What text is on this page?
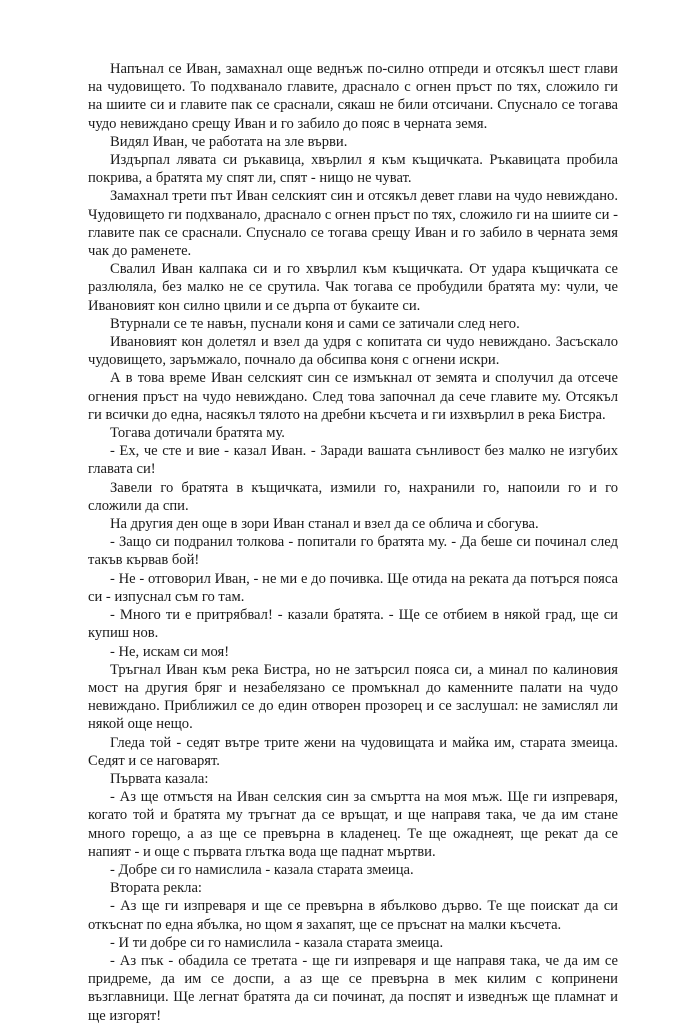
Напънал се Иван, замахнал още веднъж по-силно отпреди и отсякъл шест глави на чудовището. То подхванало главите, драснало с огнен пръст по тях, сложило ги на шиите си и главите пак се сраснали, сякаш не били отсичани. Спуснало се тогава чудо невиждано срещу Иван и го забило до пояс в черната земя.

Видял Иван, че работата на зле върви.

Издърпал лявата си ръкавица, хвърлил я към къщичката. Ръкавицата пробила покрива, а братята му спят ли, спят - нищо не чуват.

Замахнал трети път Иван селският син и отсякъл девет глави на чудо невиждано. Чудовището ги подхванало, драснало с огнен пръст по тях, сложило ги на шиите си - главите пак се сраснали. Спуснало се тогава срещу Иван и го забило в черната земя чак до раменете.

Свалил Иван калпака си и го хвърлил към къщичката. От удара къщичката се разлюляла, без малко не се срутила. Чак тогава се пробудили братята му: чули, че Ивановият кон силно цвили и се дърпа от букаите си.

Втурнали се те навън, пуснали коня и сами се затичали след него.

Ивановият кон долетял и взел да удря с копитата си чудо невиждано. Засъскало чудовището, заръмжало, почнало да обсипва коня с огнени искри.

А в това време Иван селският син се измъкнал от земята и сполучил да отсече огнения пръст на чудо невиждано. След това започнал да сече главите му. Отсякъл ги всички до една, насякъл тялото на дребни късчета и ги изхвърлил в река Бистра.

Тогава дотичали братята му.

- Ех, че сте и вие - казал Иван. - Заради вашата сънливост без малко не изгубих главата си!

Завели го братята в къщичката, измили го, нахранили го, напоили го и го сложили да спи.

На другия ден още в зори Иван станал и взел да се облича и сбогува.

- Защо си подранил толкова - попитали го братята му. - Да беше си починал след такъв кървав бой!

- Не - отговорил Иван, - не ми е до почивка. Ще отида на реката да потърся пояса си - изпуснал съм го там.

- Много ти е притрябвал! - казали братята. - Ще се отбием в някой град, ще си купиш нов.

- Не, искам си моя!

Тръгнал Иван към река Бистра, но не затърсил пояса си, а минал по калиновия мост на другия бряг и незабелязано се промъкнал до каменните палати на чудо невиждано. Приближил се до един отворен прозорец и се заслушал: не замислял ли някой още нещо.

Гледа той - седят вътре трите жени на чудовищата и майка им, старата змеица. Седят и се наговарят.

Първата казала:

- Аз ще отмъстя на Иван селския син за смъртта на моя мъж. Ще ги изпреваря, когато той и братята му тръгнат да се връщат, и ще направя така, че да им стане много горещо, а аз ще се превърна в кладенец. Те ще ожаднеят, ще рекат да се напият - и още с първата глътка вода ще паднат мъртви.

- Добре си го намислила - казала старата змеица.

Втората рекла:

- Аз ще ги изпреваря и ще се превърна в ябълково дърво. Те ще поискат да си откъснат по една ябълка, но щом я захапят, ще се пръснат на малки късчета.

- И ти добре си го намислила - казала старата змеица.

- Аз пък - обадила се третата - ще ги изпреваря и ще направя така, че да им се придреме, да им се доспи, а аз ще се превърна в мек килим с копринени възглавници. Ще легнат братята да си починат, да поспят и изведнъж ще пламнат и ще изгорят!
